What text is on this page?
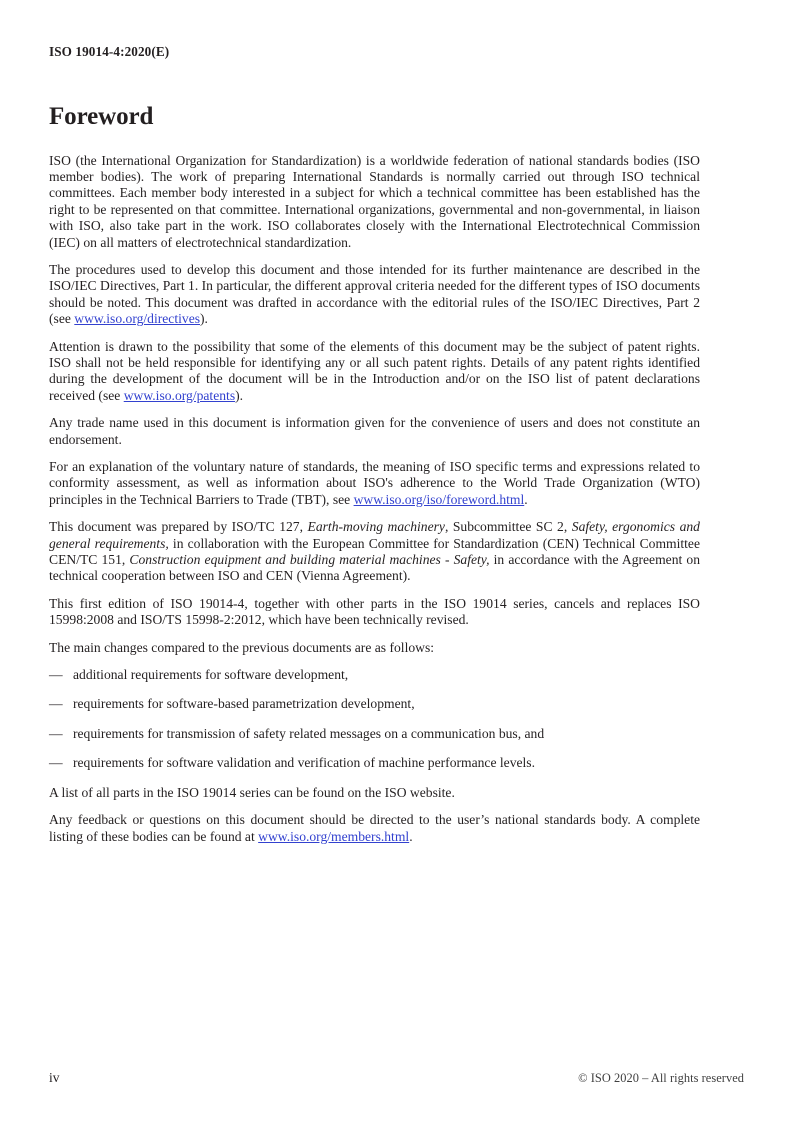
ISO 19014-4:2020(E)
Foreword

ISO (the International Organization for Standardization) is a worldwide federation of national standards bodies (ISO member bodies). The work of preparing International Standards is normally carried out through ISO technical committees. Each member body interested in a subject for which a technical committee has been established has the right to be represented on that committee. International organizations, governmental and non-governmental, in liaison with ISO, also take part in the work. ISO collaborates closely with the International Electrotechnical Commission (IEC) on all matters of electrotechnical standardization.

The procedures used to develop this document and those intended for its further maintenance are described in the ISO/IEC Directives, Part 1. In particular, the different approval criteria needed for the different types of ISO documents should be noted. This document was drafted in accordance with the editorial rules of the ISO/IEC Directives, Part 2 (see www.iso.org/directives).

Attention is drawn to the possibility that some of the elements of this document may be the subject of patent rights. ISO shall not be held responsible for identifying any or all such patent rights. Details of any patent rights identified during the development of the document will be in the Introduction and/or on the ISO list of patent declarations received (see www.iso.org/patents).

Any trade name used in this document is information given for the convenience of users and does not constitute an endorsement.

For an explanation of the voluntary nature of standards, the meaning of ISO specific terms and expressions related to conformity assessment, as well as information about ISO's adherence to the World Trade Organization (WTO) principles in the Technical Barriers to Trade (TBT), see www.iso.org/iso/foreword.html.

This document was prepared by ISO/TC 127, Earth-moving machinery, Subcommittee SC 2, Safety, ergonomics and general requirements, in collaboration with the European Committee for Standardization (CEN) Technical Committee CEN/TC 151, Construction equipment and building material machines - Safety, in accordance with the Agreement on technical cooperation between ISO and CEN (Vienna Agreement).

This first edition of ISO 19014-4, together with other parts in the ISO 19014 series, cancels and replaces ISO 15998:2008 and ISO/TS 15998-2:2012, which have been technically revised.

The main changes compared to the previous documents are as follows:

— additional requirements for software development,
— requirements for software-based parametrization development,
— requirements for transmission of safety related messages on a communication bus, and
— requirements for software validation and verification of machine performance levels.

A list of all parts in the ISO 19014 series can be found on the ISO website.

Any feedback or questions on this document should be directed to the user’s national standards body. A complete listing of these bodies can be found at www.iso.org/members.html.

iv	© ISO 2020 – All rights reserved
